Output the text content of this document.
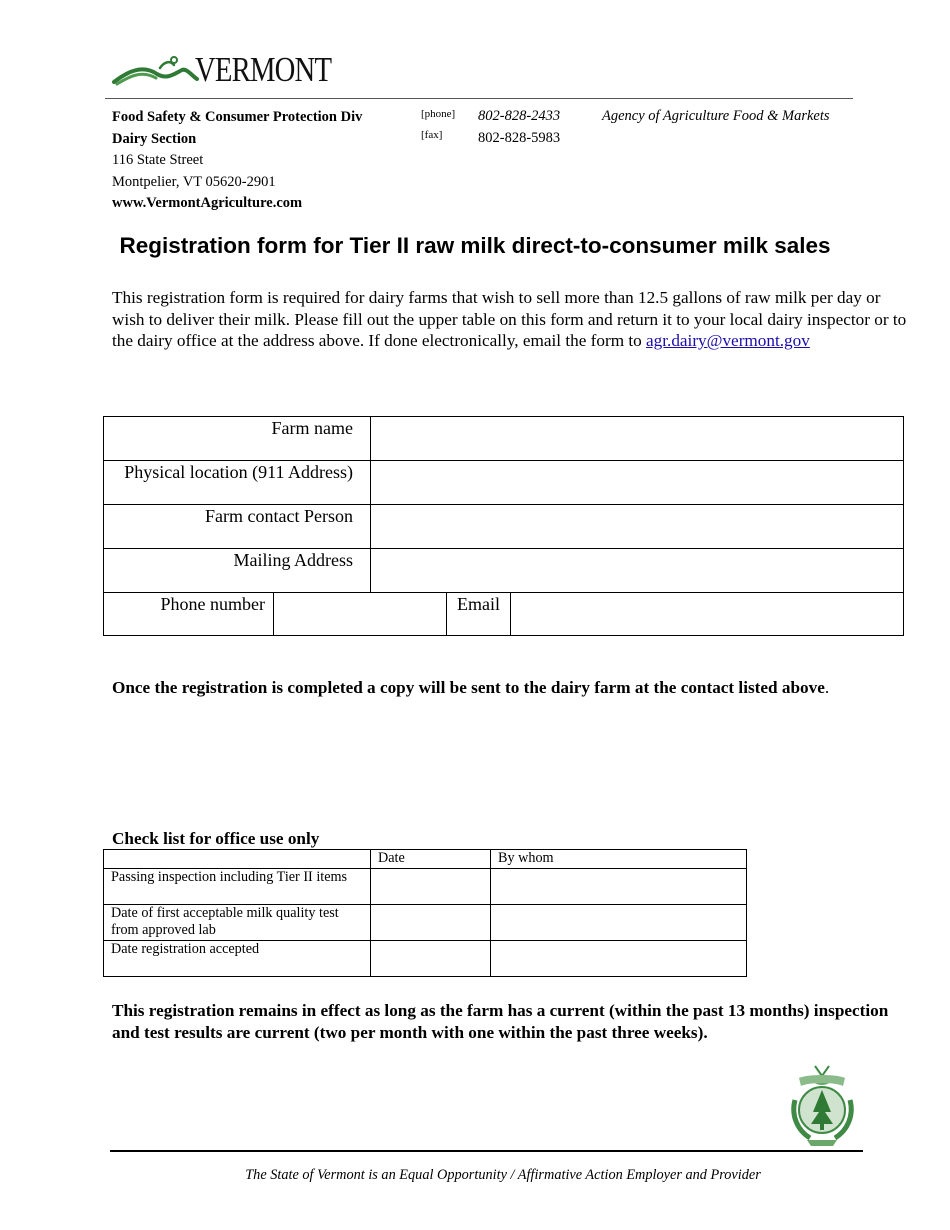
VERMONT
Food Safety & Consumer Protection Div
Dairy Section
116 State Street
Montpelier, VT 05620-2901
www.VermontAgriculture.com
[phone]
[fax]
802-828-2433
802-828-5983
Agency of Agriculture Food & Markets
Registration form for Tier II raw milk direct-to-consumer milk sales
This registration form is required for dairy farms that wish to sell more than 12.5 gallons of raw milk per day or wish to deliver their milk. Please fill out the upper table on this form and return it to your local dairy inspector or to the dairy office at the address above. If done electronically, email the form to agr.dairy@vermont.gov
Farm name
Physical location (911 Address)
Farm contact Person
Mailing Address
Phone number	Email
Once the registration is completed a copy will be sent to the dairy farm at the contact listed above.
Check list for office use only
	Date	By whom
Passing inspection including Tier II items		
Date of first acceptable milk quality test from approved lab		
Date registration accepted		
This registration remains in effect as long as the farm has a current (within the past 13 months) inspection and test results are current (two per month with one within the past three weeks).
The State of Vermont is an Equal Opportunity / Affirmative Action Employer and Provider
